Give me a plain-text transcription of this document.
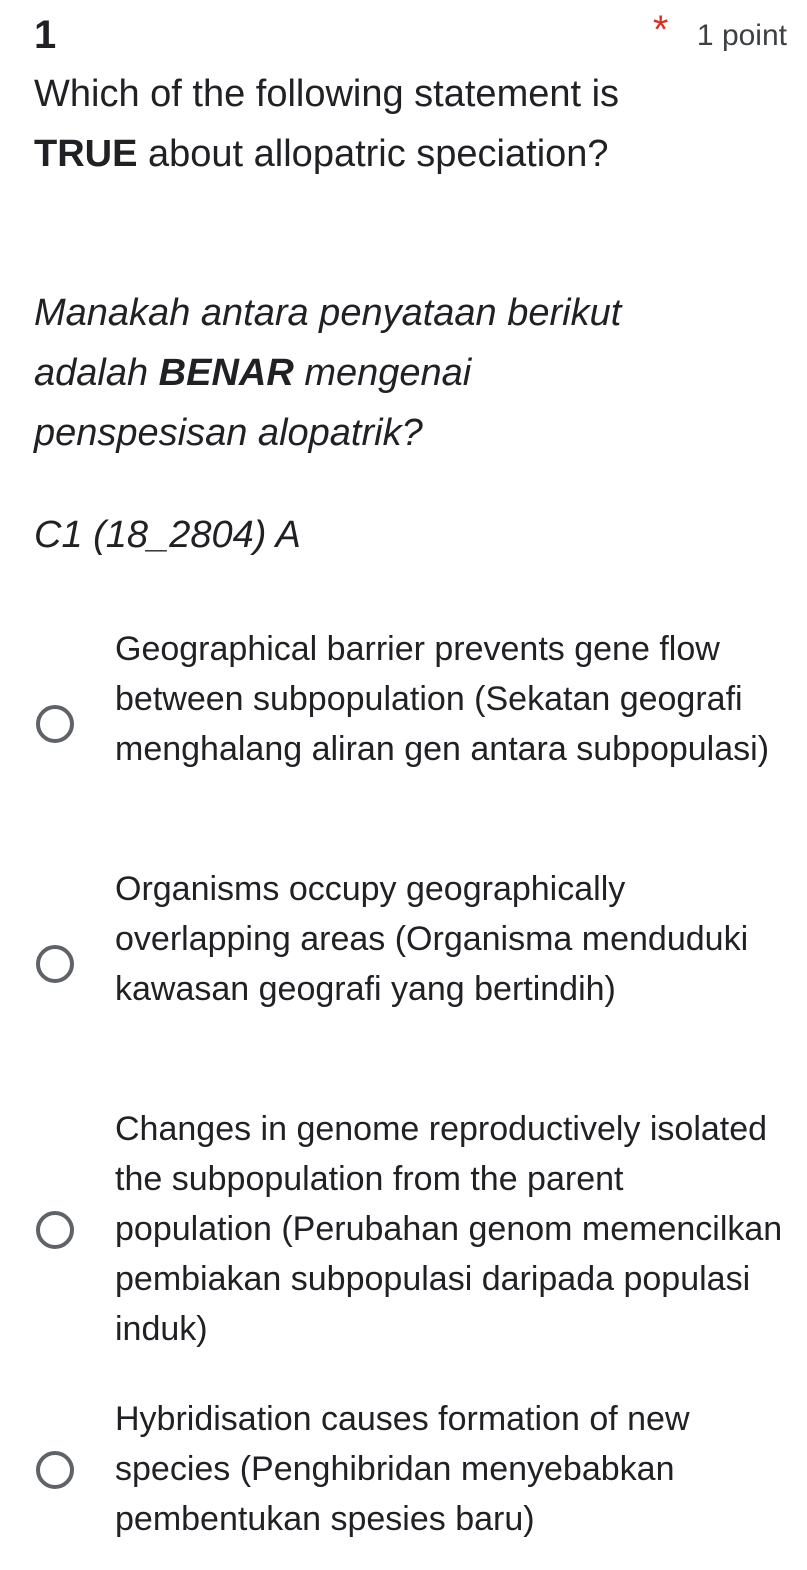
1	* 1 point
Which of the following statement is TRUE about allopatric speciation?
Manakah antara penyataan berikut adalah BENAR mengenai penspesisan alopatrik?
C1 (18_2804) A
Geographical barrier prevents gene flow between subpopulation (Sekatan geografi menghalang aliran gen antara subpopulasi)
Organisms occupy geographically overlapping areas (Organisma menduduki kawasan geografi yang bertindih)
Changes in genome reproductively isolated the subpopulation from the parent population (Perubahan genom memencilkan pembiakan subpopulasi daripada populasi induk)
Hybridisation causes formation of new species (Penghibridan menyebabkan pembentukan spesies baru)
